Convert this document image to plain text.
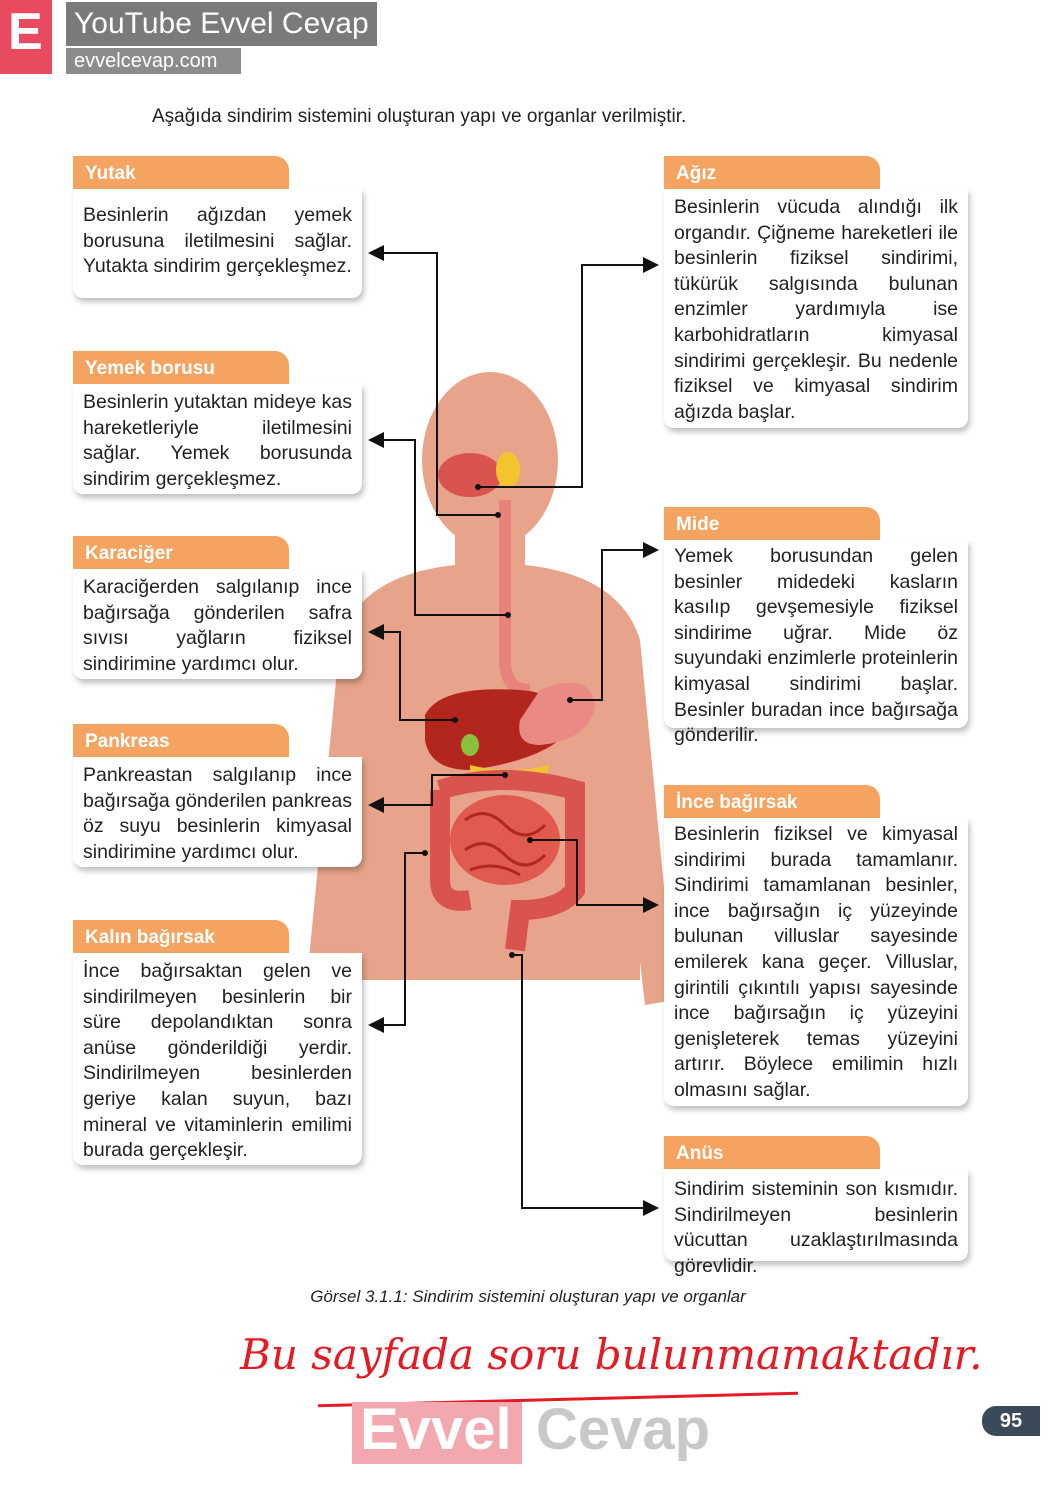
E YouTube Evvel Cevap
evvelcevap.com
Aşağıda sindirim sistemini oluşturan yapı ve organlar verilmiştir.
Yutak
Besinlerin ağızdan yemek borusuna iletilmesini sağlar. Yutakta sindirim gerçekleşmez.
Yemek borusu
Besinlerin yutaktan mideye kas hareketleriyle iletilmesini sağlar. Yemek borusunda sindirim gerçekleşmez.
Karaciğer
Karaciğerden salgılanıp ince bağırsağa gönderilen safra sıvısı yağların fiziksel sindirimine yardımcı olur.
Pankreas
Pankreastan salgılanıp ince bağırsağa gönderilen pankreas öz suyu besinlerin kimyasal sindirimine yardımcı olur.
Kalın bağırsak
İnce bağırsaktan gelen ve sindirilmeyen besinlerin bir süre depolandıktan sonra anüse gönderildiği yerdir. Sindirilmeyen besinlerden geriye kalan suyun, bazı mineral ve vitaminlerin emilimi burada gerçekleşir.
Ağız
Besinlerin vücuda alındığı ilk organdır. Çiğneme hareketleri ile besinlerin fiziksel sindirimi, tükürük salgısında bulunan enzimler yardımıyla ise karbohidratların kimyasal sindirimi gerçekleşir. Bu nedenle fiziksel ve kimyasal sindirim ağızda başlar.
Mide
Yemek borusundan gelen besinler midedeki kasların kasılıp gevşemesiyle fiziksel sindirime uğrar. Mide öz suyundaki enzimlerle proteinlerin kimyasal sindirimi başlar. Besinler buradan ince bağırsağa gönderilir.
İnce bağırsak
Besinlerin fiziksel ve kimyasal sindirimi burada tamamlanır. Sindirimi tamamlanan besinler, ince bağırsağın iç yüzeyinde bulunan villuslar sayesinde emilerek kana geçer. Villuslar, girintili çıkıntılı yapısı sayesinde ince bağırsağın iç yüzeyini genişleterek temas yüzeyini artırır. Böylece emilimin hızlı olmasını sağlar.
Anüs
Sindirim sisteminin son kısmıdır. Sindirilmeyen besinlerin vücuttan uzaklaştırılmasında görevlidir.
Görsel 3.1.1: Sindirim sistemini oluşturan yapı ve organlar
Bu sayfada soru bulunmamaktadır.
Evvel Cevap	95
